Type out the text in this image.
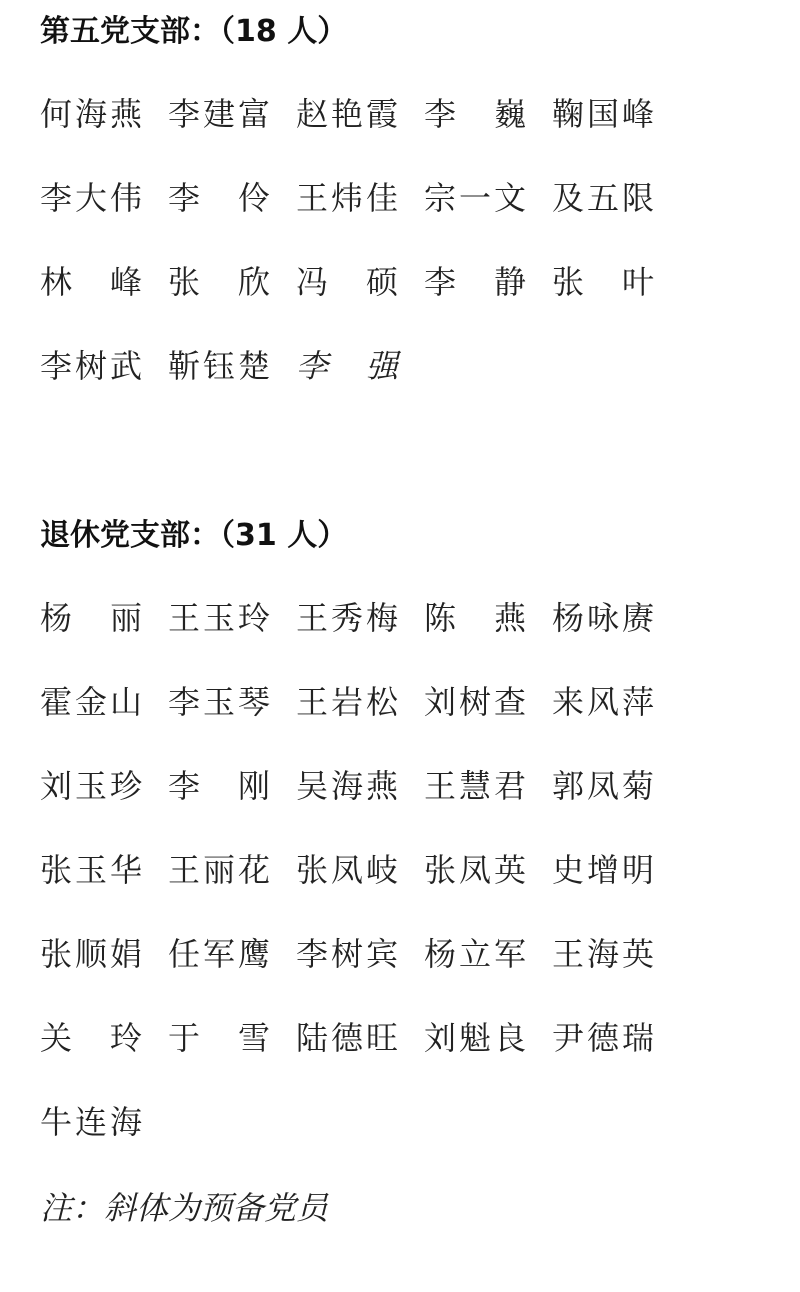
第五党支部：（18 人）
何 海 燕 李 建 富 赵 艳 霞 李 巍 鞠 国 峰
李 大 伟 李 伶 王 炜 佳 宗 一 文 及 五 限
林 峰 张 欣 冯 硕 李 静 张 叶
李 树 武 靳 钰 楚 李 强
退休党支部：（31 人）
杨 丽 王 玉 玲 王 秀 梅 陈 燕 杨 咏 赓
霍 金 山 李 玉 琴 王 岩 松 刘 树 查 来 风 萍
刘 玉 珍 李 刚 吴 海 燕 王 慧 君 郭 凤 菊
张 玉 华 王 丽 花 张 凤 岐 张 凤 英 史 增 明
张 顺 娟 任 军 鹰 李 树 宾 杨 立 军 王 海 英
关 玲 于 雪 陆 德 旺 刘 魁 良 尹 德 瑞
牛 连 海
注：斜体为预备党员
